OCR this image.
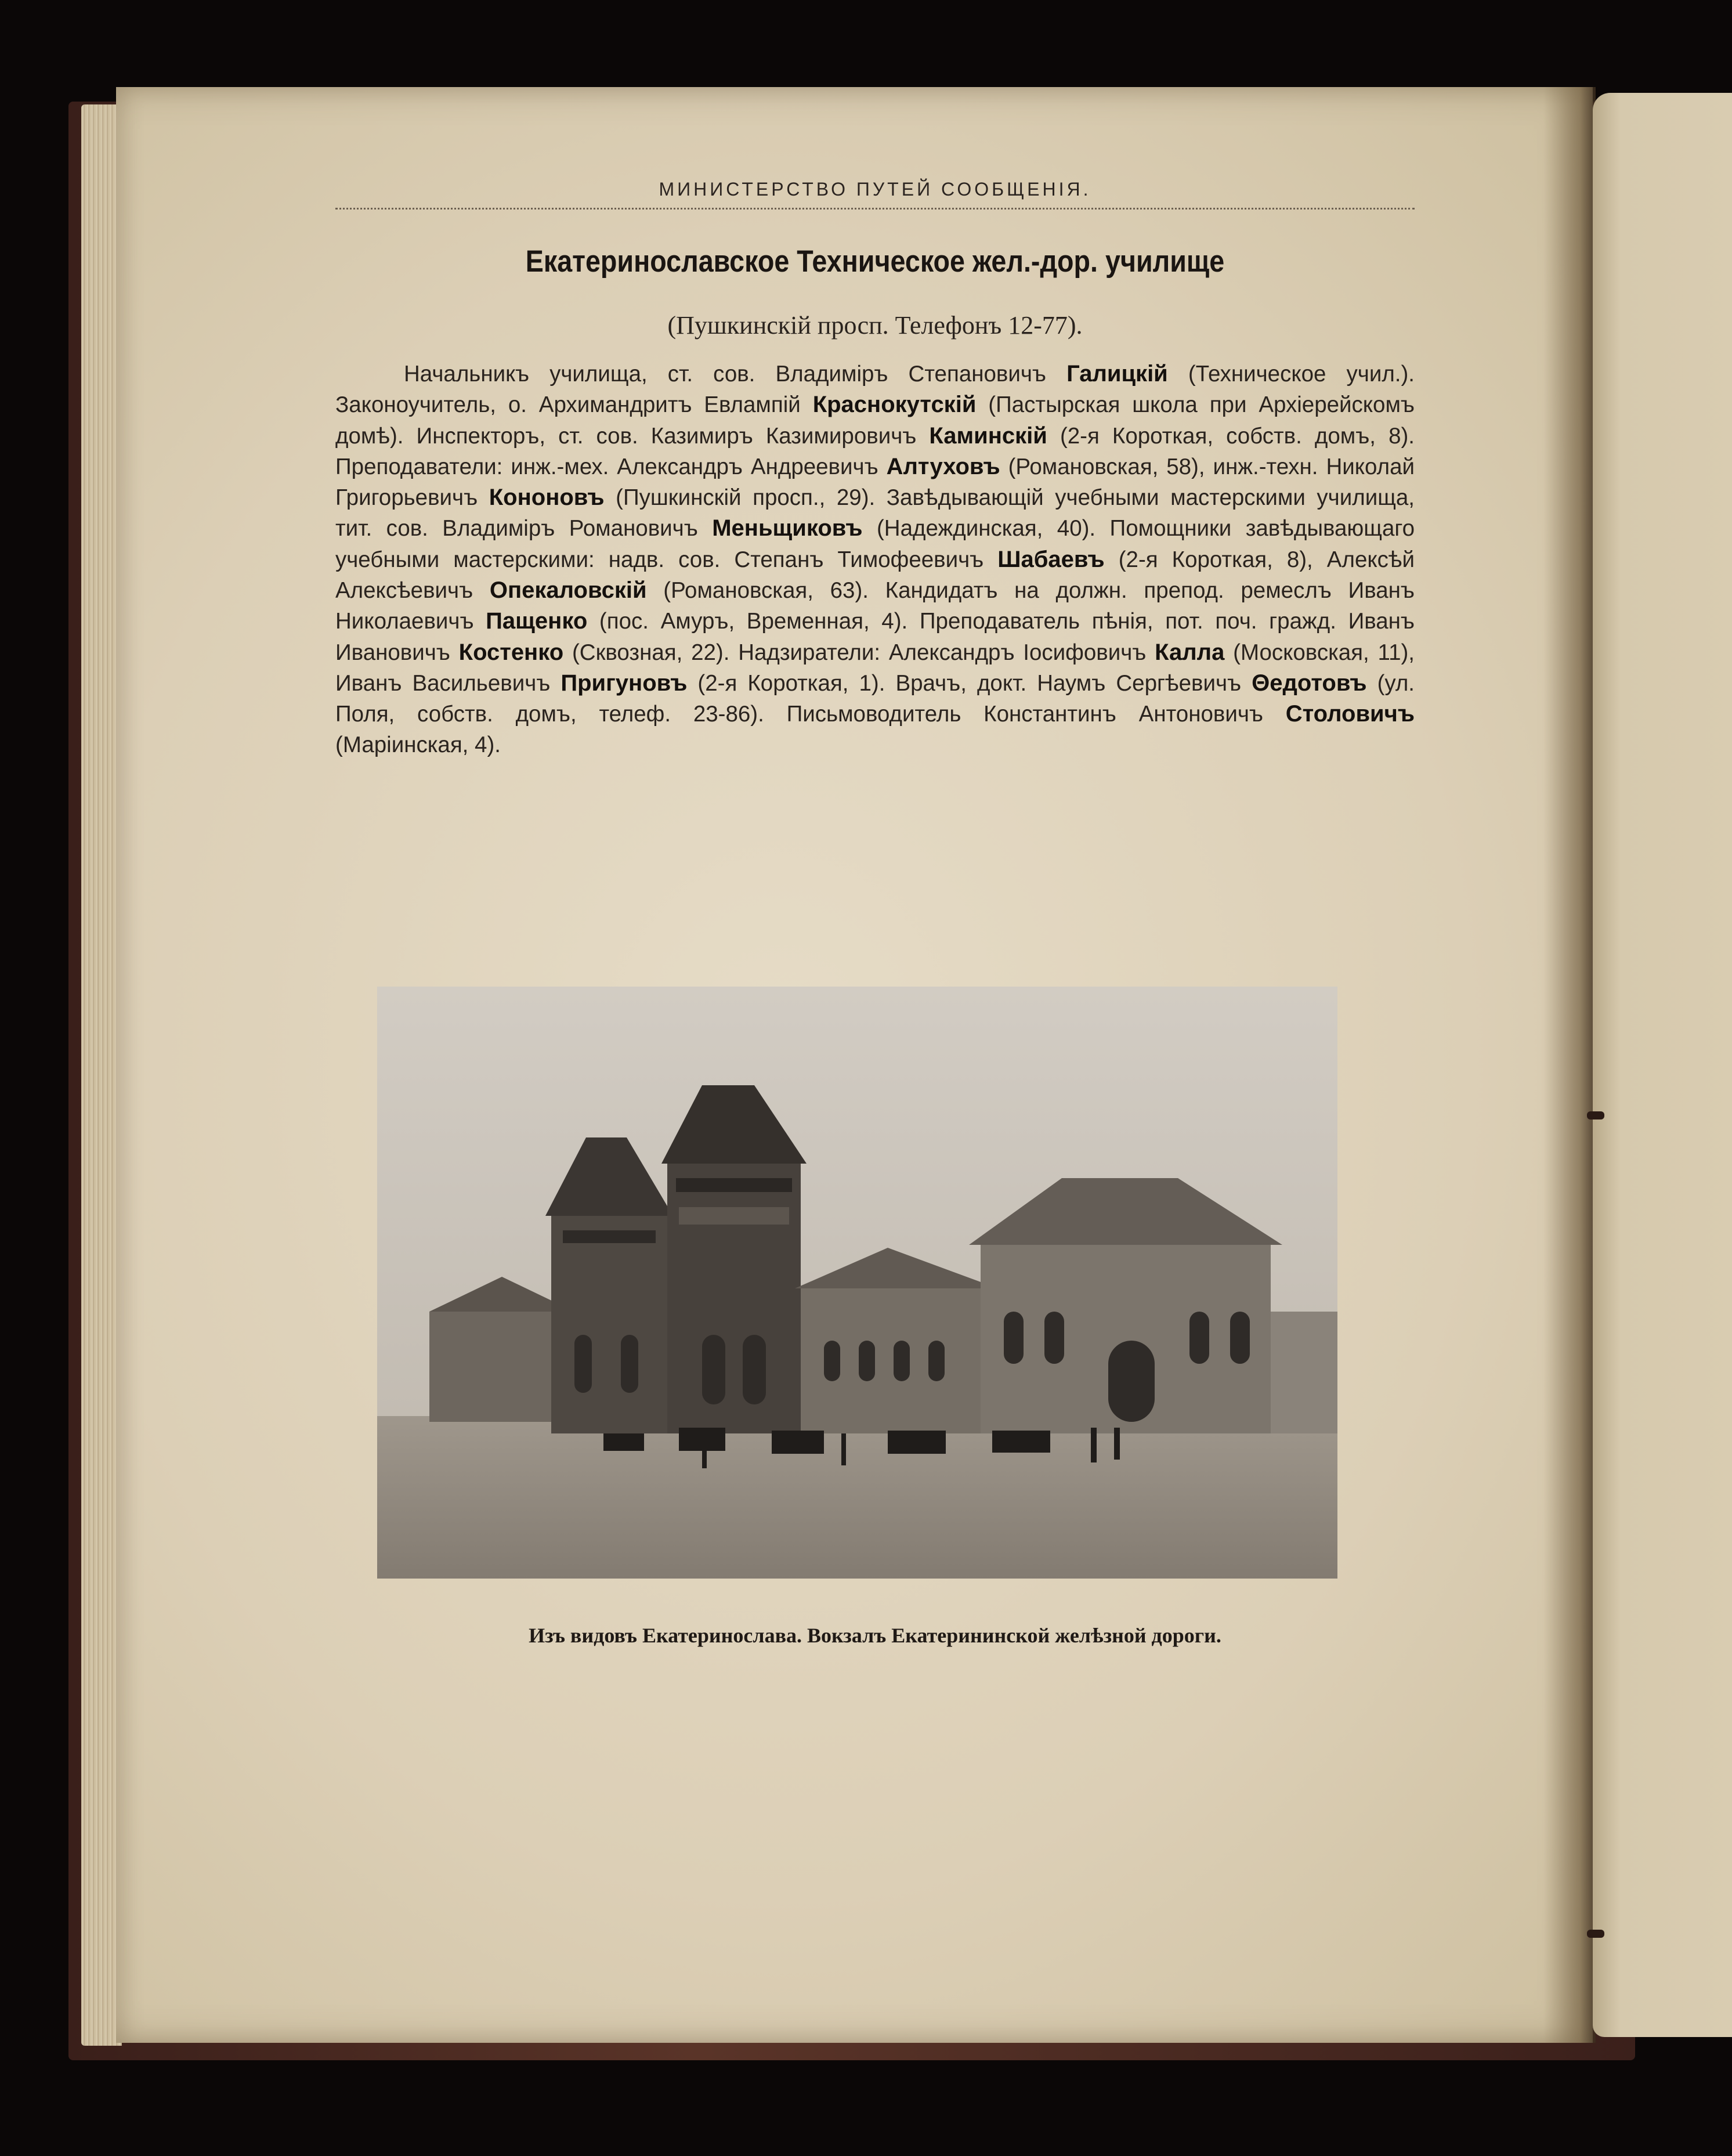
МИНИСТЕРСТВО ПУТЕЙ СООБЩЕНІЯ.
Екатеринославское Техническое жел.-дор. училище
(Пушкинскій просп. Телефонъ 12-77).
Начальникъ училища, ст. сов. Владиміръ Степановичъ Галицкій (Техническое учил.). Законоучитель, о. Архимандритъ Евлампій Краснокутскій (Пастырская школа при Архіерейскомъ домѣ). Инспекторъ, ст. сов. Казимиръ Казимировичъ Каминскій (2-я Короткая, собств. домъ, 8). Преподаватели: инж.-мех. Александръ Андреевичъ Алтуховъ (Романовская, 58), инж.-техн. Николай Григорьевичъ Кононовъ (Пушкинскій просп., 29). Завѣдывающій учебными мастерскими училища, тит. сов. Владиміръ Романовичъ Меньщиковъ (Надеждинская, 40). Помощники завѣдывающаго учебными мастерскими: надв. сов. Степанъ Тимофеевичъ Шабаевъ (2-я Короткая, 8), Алексѣй Алексѣевичъ Опекаловскій (Романовская, 63). Кандидатъ на должн. препод. ремеслъ Иванъ Николаевичъ Пащенко (пос. Амуръ, Временная, 4). Преподаватель пѣнія, пот. поч. гражд. Иванъ Ивановичъ Костенко (Сквозная, 22). Надзиратели: Александръ Іосифовичъ Калла (Московская, 11), Иванъ Васильевичъ Пригуновъ (2-я Короткая, 1). Врачъ, докт. Наумъ Сергѣевичъ Θедотовъ (ул. Поля, собств. домъ, телеф. 23-86). Письмоводитель Константинъ Антоновичъ Столовичъ (Маріинская, 4).
Изъ видовъ Екатеринослава. Вокзалъ Екатерининской желѣзной дороги.
